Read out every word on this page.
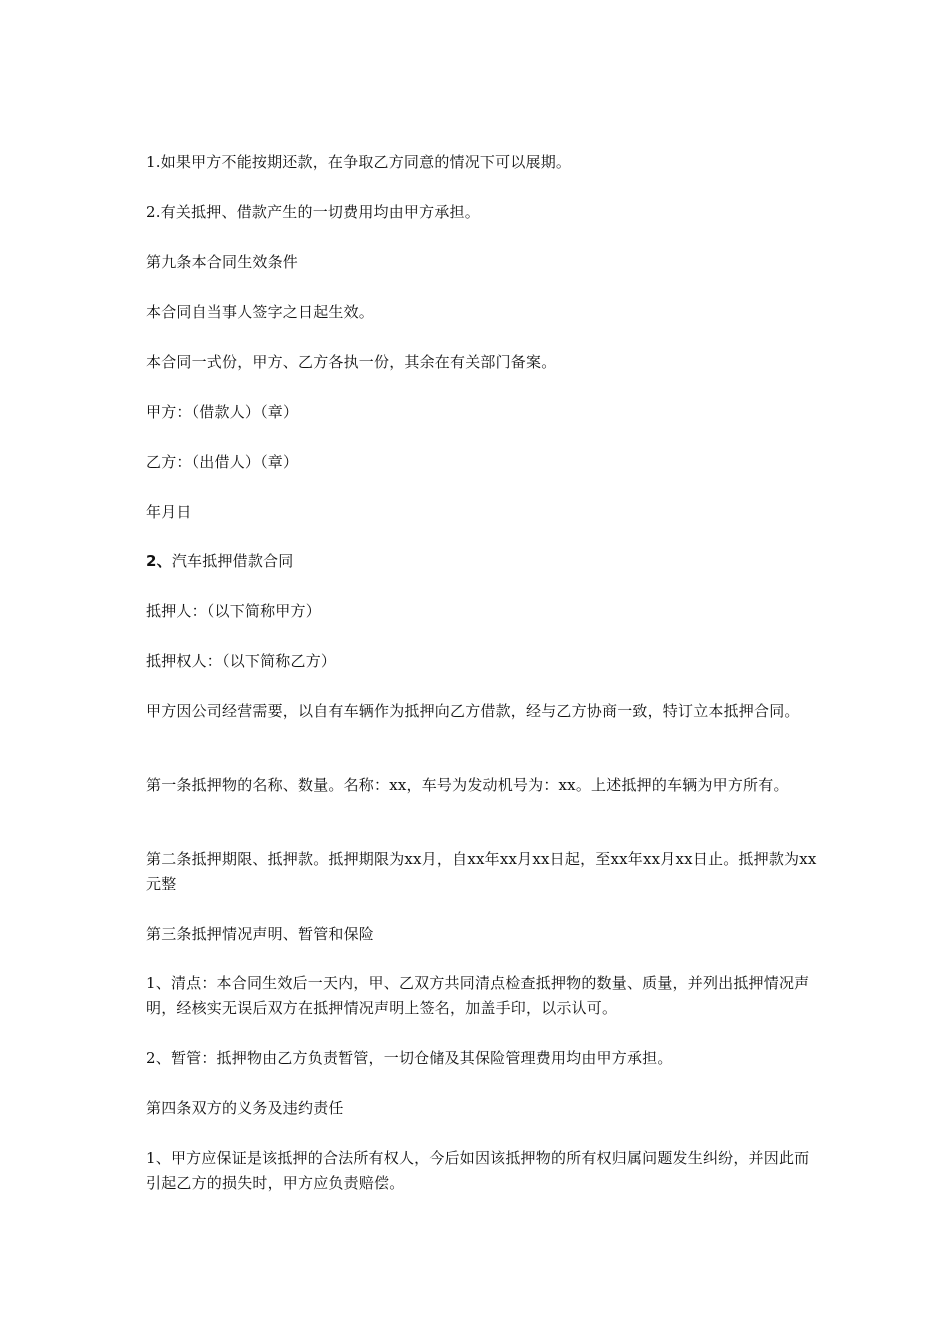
1.如果甲方不能按期还款，在争取乙方同意的情况下可以展期。

2.有关抵押、借款产生的一切费用均由甲方承担。

第九条本合同生效条件

本合同自当事人签字之日起生效。

本合同一式份，甲方、乙方各执一份，其余在有关部门备案。

甲方：（借款人）（章）

乙方：（出借人）（章）

年月日

2、汽车抵押借款合同

抵押人：（以下简称甲方）

抵押权人：（以下简称乙方）

甲方因公司经营需要，以自有车辆作为抵押向乙方借款，经与乙方协商一致，特订立本抵押合同。

第一条抵押物的名称、数量。名称：xx，车号为发动机号为：xx。上述抵押的车辆为甲方所有。

第二条抵押期限、抵押款。抵押期限为xx月，自xx年xx月xx日起，至xx年xx月xx日止。抵押款为xx元整

第三条抵押情况声明、暂管和保险

1、清点：本合同生效后一天内，甲、乙双方共同清点检查抵押物的数量、质量，并列出抵押情况声明，经核实无误后双方在抵押情况声明上签名，加盖手印，以示认可。

2、暂管：抵押物由乙方负责暂管，一切仓储及其保险管理费用均由甲方承担。

第四条双方的义务及违约责任

1、甲方应保证是该抵押的合法所有权人，今后如因该抵押物的所有权归属问题发生纠纷，并因此而引起乙方的损失时，甲方应负责赔偿。
